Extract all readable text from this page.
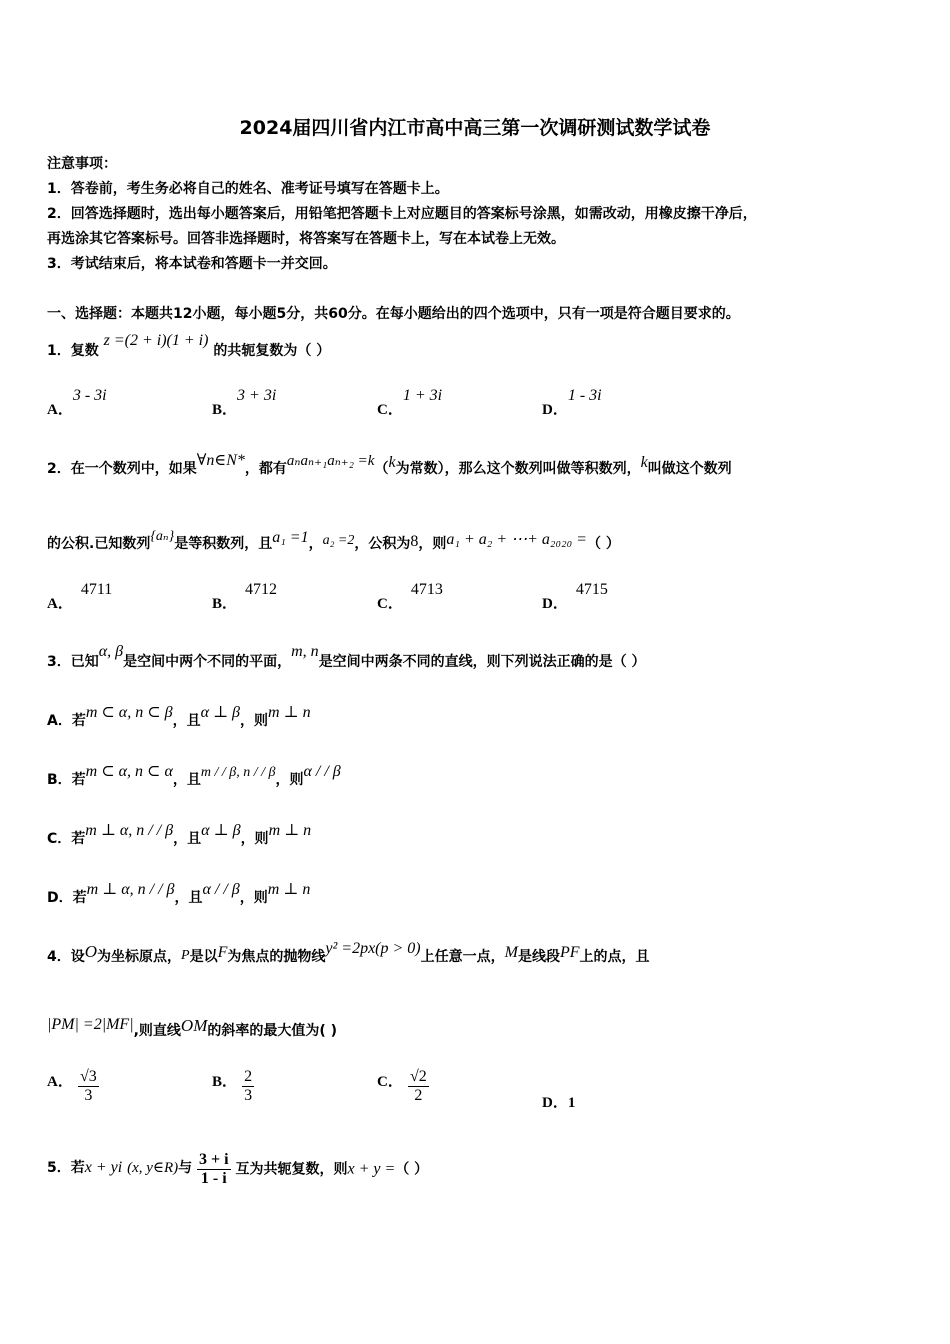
2024届四川省内江市高中高三第一次调研测试数学试卷
注意事项：
1．答卷前，考生务必将自己的姓名、准考证号填写在答题卡上。
2．回答选择题时，选出每小题答案后，用铅笔把答题卡上对应题目的答案标号涂黑，如需改动，用橡皮擦干净后，
再选涂其它答案标号。回答非选择题时，将答案写在答题卡上，写在本试卷上无效。
3．考试结束后，将本试卷和答题卡一并交回。
一、选择题：本题共12小题，每小题5分，共60分。在每小题给出的四个选项中，只有一项是符合题目要求的。
1．复数 z =(2 + i)(1 + i) 的共轭复数为（ ）
A．3 - 3i
B．3 + 3i
C．1 + 3i
D．1 - 3i
2．在一个数列中，如果∀n∈N*，都有aₙaₙ₊₁aₙ₊₂ =k（k为常数），那么这个数列叫做等积数列，k叫做这个数列
的公积.已知数列{aₙ}是等积数列，且a₁ =1，a₂ =2，公积为8，则a₁ + a₂ + ⋯+ a₂₀₂₀ =（ ）
A．4711
B．4712
C．4713
D．4715
3．已知α, β是空间中两个不同的平面，m, n是空间中两条不同的直线，则下列说法正确的是（ ）
A．若m ⊂ α, n ⊂ β，且α ⊥ β，则m ⊥ n
B．若m ⊂ α, n ⊂ α，且m / / β, n / / β，则α / / β
C．若m ⊥ α, n / / β，且α ⊥ β，则m ⊥ n
D．若m ⊥ α, n / / β，且α / / β，则m ⊥ n
4．设O为坐标原点，P是以F为焦点的抛物线y² =2px(p > 0)上任意一点，M是线段PF上的点，且
|PM| =2|MF|,则直线OM的斜率的最大值为( )
A． $\frac{√3}{3}$	B． $\frac{2}{3}$	C． $\frac{√2}{2}$	D．1
5．若x + yi (x, y∈R)与 $\frac{3 + i}{1 - i}$ 互为共轭复数，则x + y =（ ）
